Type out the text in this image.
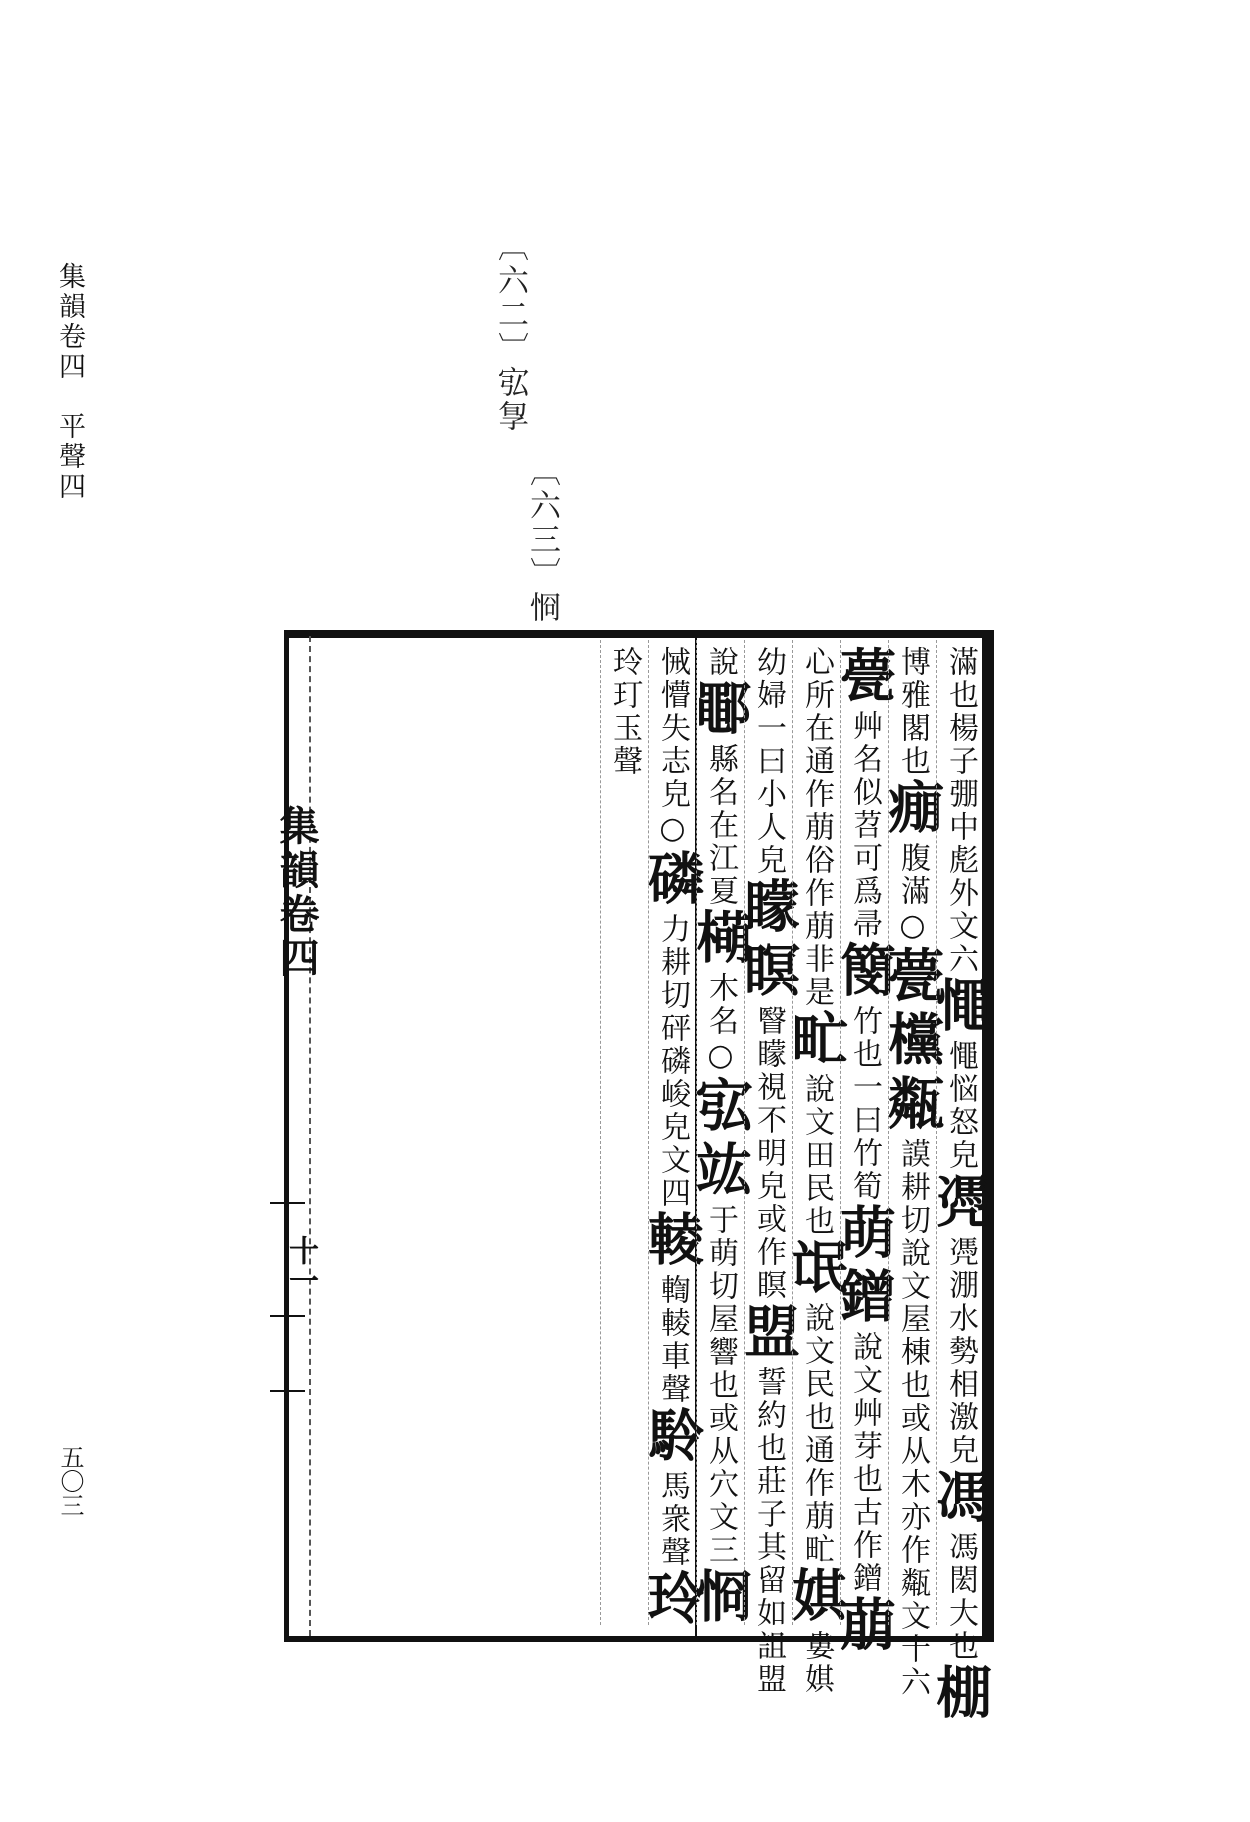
集韻卷四　平聲四
五〇三
〔六二〕宖㝁
〔六三〕㤯
集韻卷四
十一
滿也楊子弸中彪外文六憴憴悩怒皃凴凴淜水勢相激皃馮馮閎大也棚
博雅閣也痭腹滿○甍欓甐謨耕切說文屋棟也或从木亦作甐文十六
甍艸名似苕可爲帚簢竹也一曰竹筍萌鏳說文艸芽也古作鏳萠
心所在通作萠俗作萠非是甿說文田民也氓說文民也通作萠甿娸婁娸
幼婦一曰小人皃矇瞑瞖矇視不明皃或作瞑盟誓約也莊子其留如詛盟
說鄳縣名在江夏橗木名○宖竑于萌切屋響也或从穴文三㤯
悈懵失志皃○磷力耕切砰磷峻皃文四輘輷輘車聲駖馬衆聲玲
玲玎玉聲
